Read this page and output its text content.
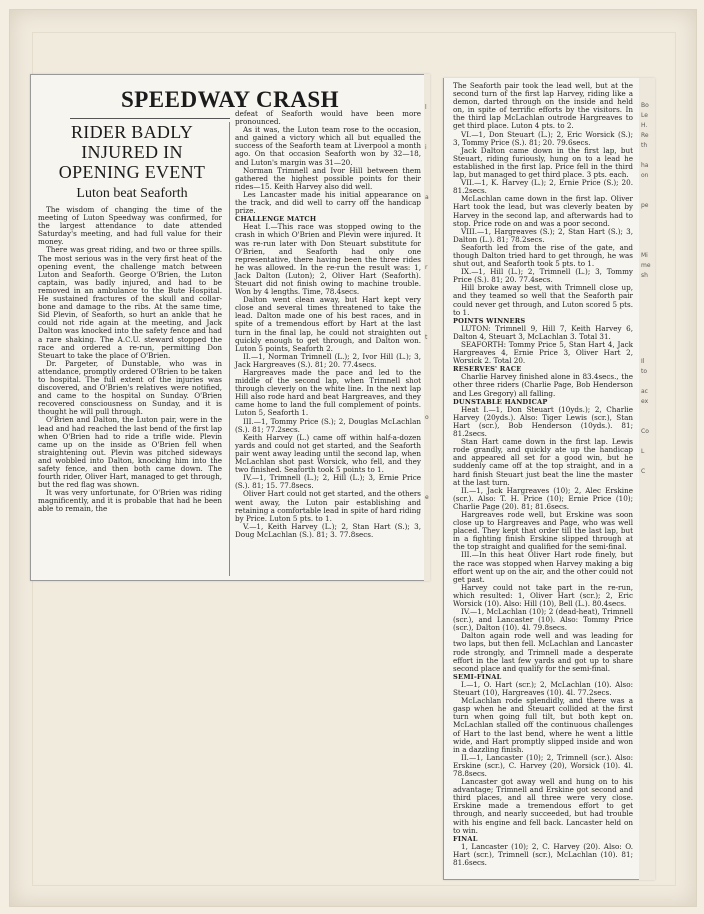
SPEEDWAY CRASH
RIDER BADLY
INJURED IN
OPENING EVENT
Luton beat Seaforth

The wisdom of changing the time of the meeting of Luton Speedway was confirmed, for the largest attendance to date attended Saturday's meeting, and had full value for their money.

There was great riding, and two or three spills. The most serious was in the very first heat of the opening event, the challenge match between Luton and Seaforth. George O'Brien, the Luton captain, was badly injured, and had to be removed in an ambulance to the Bute Hospital. He sustained fractures of the skull and collar-bone and damage to the ribs. At the same time, Sid Plevin, of Seaforth, so hurt an ankle that he could not ride again at the meeting, and Jack Dalton was knocked into the safety fence and had a rare shaking. The A.C.U. steward stopped the race and ordered a re-run, permitting Don Steuart to take the place of O'Brien.

Dr. Pargeter, of Dunstable, who was in attendance, promptly ordered O'Brien to be taken to hospital. The full extent of the injuries was discovered, and O'Brien's relatives were notified, and came to the hospital on Sunday. O'Brien recovered consciousness on Sunday, and it is thought he will pull through.

O'Brien and Dalton, the Luton pair, were in the lead and had reached the last bend of the first lap when O'Brien had to ride a trifle wide. Plevin came up on the inside as O'Brien fell when straightening out. Plevin was pitched sideways and wobbled into Dalton, knocking him into the safety fence, and then both came down. The fourth rider, Oliver Hart, managed to get through, but the red flag was shown.

It was very unfortunate, for O'Brien was riding magnificently, and it is probable that had he been able to remain, the

defeat of Seaforth would have been more pronounced.

As it was, the Luton team rose to the occasion, and gained a victory which all but equalled the success of the Seaforth team at Liverpool a month ago. On that occasion Seaforth won by 32—18, and Luton's margin was 31—20.

Norman Trimnell and Ivor Hill between them gathered the highest possible points for their rides—15. Keith Harvey also did well.

Les Lancaster made his initial appearance on the track, and did well to carry off the handicap prize.

CHALLENGE MATCH

Heat I.—This race was stopped owing to the crash in which O'Brien and Plevin were injured. It was re-run later with Don Steuart substitute for O'Brien, and Seaforth had only one representative, there having been the three rides he was allowed. In the re-run the result was: 1, Jack Dalton (Luton); 2, Oliver Hart (Seaforth). Steuart did not finish owing to machine trouble. Won by 4 lengths. Time, 78.4secs.

Dalton went clean away, but Hart kept very close and several times threatened to take the lead. Dalton made one of his best races, and in spite of a tremendous effort by Hart at the last turn in the final lap, he could not straighten out quickly enough to get through, and Dalton won. Luton 5 points, Seaforth 2.

II.—1, Norman Trimnell (L.); 2, Ivor Hill (L.); 3, Jack Hargreaves (S.). 81; 20. 77.4secs.

Hargreaves made the pace and led to the middle of the second lap, when Trimnell shot through cleverly on the white line. In the next lap Hill also rode hard and beat Hargreaves, and they came home to land the full complement of points. Luton 5, Seaforth 1.

III.—1, Tommy Price (S.); 2, Douglas McLachlan (S.). 81; 77.2secs.

Keith Harvey (L.) came off within half-a-dozen yards and could not get started, and the Seaforth pair went away leading until the second lap, when McLachlan shot past Worsick, who fell, and they two finished. Seaforth took 5 points to 1.

IV.—1, Trimnell (L.); 2, Hill (L.); 3, Ernie Price (S.). 81; 15. 77.8secs.

Oliver Hart could not get started, and the others went away, the Luton pair establishing and retaining a comfortable lead in spite of hard riding by Price. Luton 5 pts. to 1.

V.—1, Keith Harvey (L.); 2, Stan Hart (S.); 3, Doug McLachlan (S.). 81; 3. 77.8secs.

l
i
a
r
t
o
e

The Seaforth pair took the lead well, but at the second turn of the first lap Harvey, riding like a demon, darted through on the inside and held on, in spite of terrific efforts by the visitors. In the third lap McLachlan outrode Hargreaves to get third place. Luton 4 pts. to 2.

VI.—1, Don Steuart (L.); 2, Eric Worsick (S.); 3, Tommy Price (S.). 81; 20. 79.6secs.

Jack Dalton came down in the first lap, but Steuart, riding furiously, hung on to a lead he established in the first lap. Price fell in the third lap, but managed to get third place. 3 pts. each.

VII.—1, K. Harvey (L.); 2, Ernie Price (S.); 20. 81.2secs.

McLachlan came down in the first lap. Oliver Hart took the lead, but was cleverly beaten by Harvey in the second lap, and afterwards had to stop. Price rode on and was a poor second.

VIII.—1, Hargreaves (S.); 2, Stan Hart (S.); 3, Dalton (L.). 81; 78.2secs.

Seaforth led from the rise of the gate, and though Dalton tried hard to get through, he was shut out, and Seaforth took 5 pts. to 1.

IX.—1, Hill (L.); 2, Trimnell (L.); 3, Tommy Price (S.). 81; 20. 77.4secs.

Hill broke away best, with Trimnell close up, and they teamed so well that the Seaforth pair could never get through, and Luton scored 5 pts. to 1.

POINTS WINNERS

LUTON: Trimnell 9, Hill 7, Keith Harvey 6, Dalton 4, Steuart 3, McLachlan 3. Total 31.

SEAFORTH: Tommy Price 5, Stan Hart 4, Jack Hargreaves 4, Ernie Price 3, Oliver Hart 2, Worsick 2. Total 20.

RESERVES' RACE

Charlie Harvey finished alone in 83.4secs., the other three riders (Charlie Page, Bob Henderson and Les Gregory) all falling.

DUNSTABLE HANDICAP

Heat I.—1, Don Steuart (10yds.); 2, Charlie Harvey (20yds.). Also: Tiger Lewis (scr.), Stan Hart (scr.), Bob Henderson (10yds.). 81; 81.2secs.

Stan Hart came down in the first lap. Lewis rode grandly, and quickly ate up the handicap and appeared all set for a good win, but he suddenly came off at the top straight, and in a hard finish Steuart just beat the line the master at the last turn.

II.—1, Jack Hargreaves (10); 2, Alec Erskine (scr.). Also: T. H. Price (10); Ernie Price (10); Charlie Page (20). 81; 81.6secs.

Hargreaves rode well, but Erskine was soon close up to Hargreaves and Page, who was well placed. They kept that order till the last lap, but in a fighting finish Erskine slipped through at the top straight and qualified for the semi-final.

III.—In this heat Oliver Hart rode finely, but the race was stopped when Harvey making a big effort went up on the air, and the other could not get past.

Harvey could not take part in the re-run, which resulted: 1, Oliver Hart (scr.); 2, Eric Worsick (10). Also: Hill (10), Bell (L.). 80.4secs.

IV.—1, McLachlan (10); 2 (dead-heat), Trimnell (scr.), and Lancaster (10). Also: Tommy Price (scr.), Dalton (10). 4l. 79.8secs.

Dalton again rode well and was leading for two laps, but then fell. McLachlan and Lancaster rode strongly, and Trimnell made a desperate effort in the last few yards and got up to share second place and qualify for the semi-final.

SEMI-FINAL

I.—1, O. Hart (scr.); 2, McLachlan (10). Also: Steuart (10), Hargreaves (10). 4l. 77.2secs.

McLachlan rode splendidly, and there was a gasp when he and Steuart collided at the first turn when going full tilt, but both kept on. McLachlan stalled off the continuous challenges of Hart to the last bend, where he went a little wide, and Hart promptly slipped inside and won in a dazzling finish.

II.—1, Lancaster (10); 2, Trimnell (scr.). Also: Erskine (scr.), C. Harvey (20), Worsick (10). 4l. 78.8secs.

Lancaster got away well and hung on to his advantage; Trimnell and Erskine got second and third places, and all three were very close. Erskine made a tremendous effort to get through, and nearly succeeded, but had trouble with his engine and fell back. Lancaster held on to win.

FINAL

1, Lancaster (10); 2, C. Harvey (20). Also: O. Hart (scr.), Trimnell (scr.), McLachlan (10). 81; 81.6secs.

Bo
Le
H.
Re
th
ha
on
pe
Mi
me
sh
Il
to
ac
ex
Co
L
C
